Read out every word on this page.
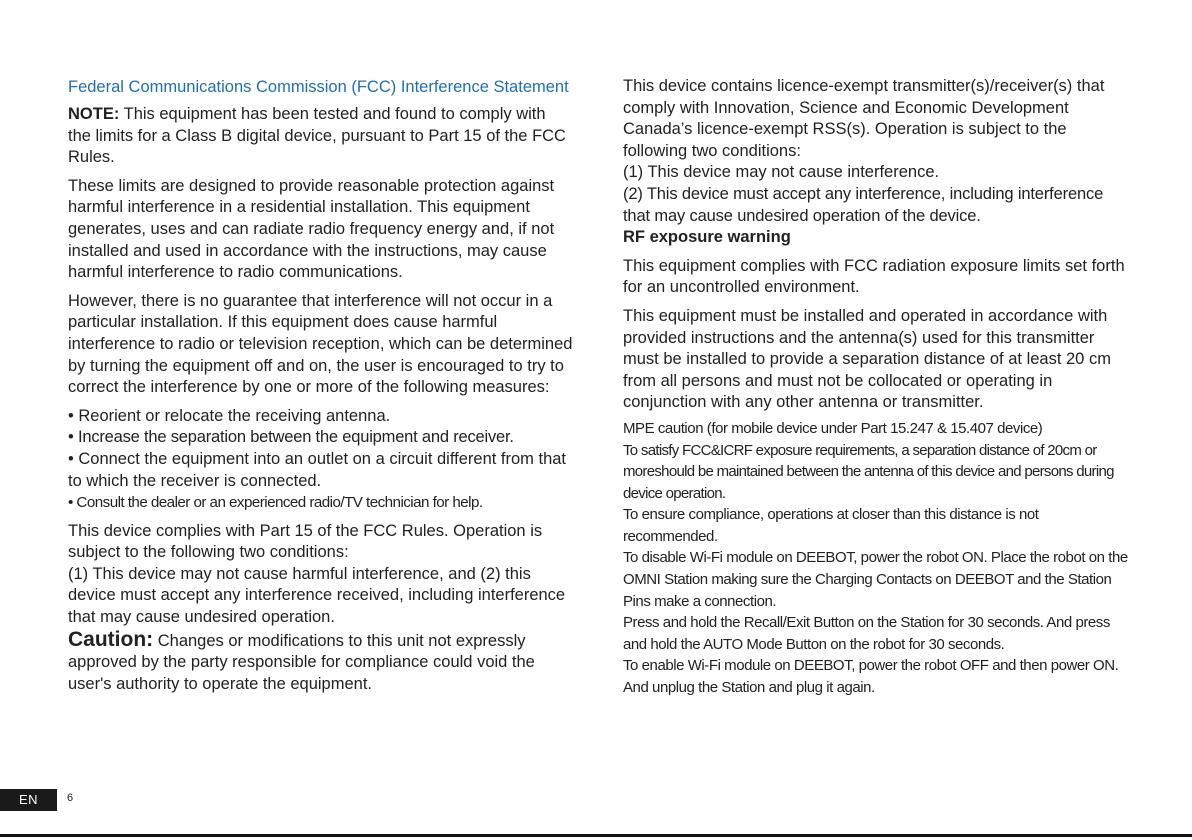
Federal Communications Commission (FCC) Interference Statement

NOTE: This equipment has been tested and found to comply with the limits for a Class B digital device, pursuant to Part 15 of the FCC Rules.

These limits are designed to provide reasonable protection against harmful interference in a residential installation. This equipment generates, uses and can radiate radio frequency energy and, if not installed and used in accordance with the instructions, may cause harmful interference to radio communications.

However, there is no guarantee that interference will not occur in a particular installation. If this equipment does cause harmful interference to radio or television reception, which can be determined by turning the equipment off and on, the user is encouraged to try to correct the interference by one or more of the following measures:

• Reorient or relocate the receiving antenna.

• Increase the separation between the equipment and receiver.

• Connect the equipment into an outlet on a circuit different from that to which the receiver is connected.

• Consult the dealer or an experienced radio/TV technician for help.

This device complies with Part 15 of the FCC Rules. Operation is subject to the following two conditions:

(1) This device may not cause harmful interference, and (2) this device must accept any interference received, including interference that may cause undesired operation.

Caution: Changes or modifications to this unit not expressly approved by the party responsible for compliance could void the user's authority to operate the equipment.

This device contains licence-exempt transmitter(s)/receiver(s) that comply with Innovation, Science and Economic Development Canada’s licence-exempt RSS(s). Operation is subject to the following two conditions:

(1) This device may not cause interference.

(2) This device must accept any interference, including interference that may cause undesired operation of the device.

RF exposure warning

This equipment complies with FCC radiation exposure limits set forth for an uncontrolled environment.

This equipment must be installed and operated in accordance with provided instructions and the antenna(s) used for this transmitter must be installed to provide a separation distance of at least 20 cm from all persons and must not be collocated or operating in conjunction with any other antenna or transmitter.

MPE caution (for mobile device under Part 15.247 & 15.407 device)

To satisfy FCC&ICRF exposure requirements, a separation distance of 20cm or moreshould be maintained between the antenna of this device and persons during device operation.

To ensure compliance, operations at closer than this distance is not recommended.

To disable Wi-Fi module on DEEBOT, power the robot ON. Place the robot on the OMNI Station making sure the Charging Contacts on DEEBOT and the Station Pins make a connection.

Press and hold the Recall/Exit Button on the Station for 30 seconds. And press and hold the AUTO Mode Button on the robot for 30 seconds.

To enable Wi-Fi module on DEEBOT, power the robot OFF and then power ON. And unplug the Station and plug it again.

EN	6
